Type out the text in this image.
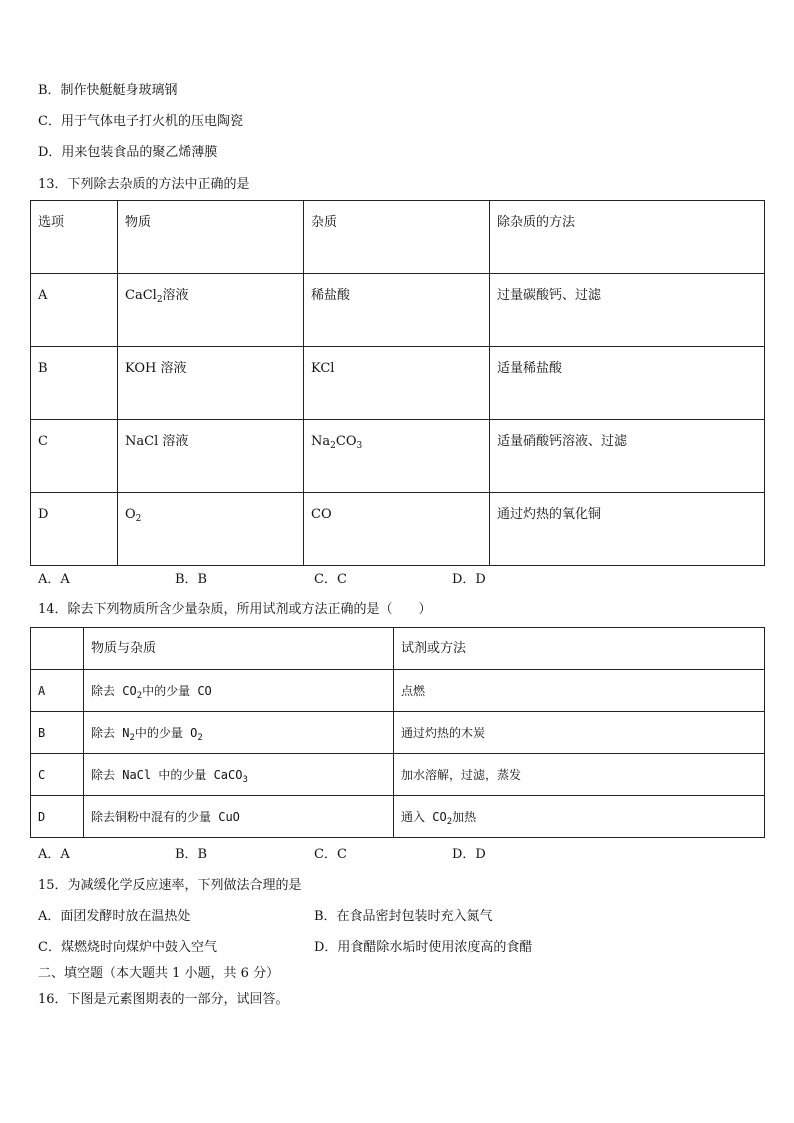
B．制作快艇艇身玻璃钢
C．用于气体电子打火机的压电陶瓷
D．用来包装食品的聚乙烯薄膜
13．下列除去杂质的方法中正确的是
选项	物质	杂质	除杂质的方法

A	CaCl$_2$溶液	稀盐酸	过量碳酸钙、过滤

B	KOH 溶液	KCl	适量稀盐酸

C	NaCl 溶液	$Na_2CO_3$	适量硝酸钙溶液、过滤

D	$O_2$	CO	通过灼热的氧化铜
A．A	B．B	C．C	D．D
14．除去下列物质所含少量杂质，所用试剂或方法正确的是（　　）

	物质与杂质	试剂或方法

A	除去 $CO_2$中的少量 CO	点燃

B	除去 $N_2$中的少量 $O_2$	通过灼热的木炭

C	除去 NaCl 中的少量 CaCO$_3$	加水溶解，过滤，蒸发

D	除去铜粉中混有的少量 CuO	通入 $CO_2$加热
A．A	B．B	C．C	D．D
15．为减缓化学反应速率，下列做法合理的是
A．面团发酵时放在温热处	B．在食品密封包装时充入氮气
C．煤燃烧时向煤炉中鼓入空气	D．用食醋除水垢时使用浓度高的食醋
二、填空题（本大题共 1 小题，共 6 分）
16．下图是元素图期表的一部分，试回答。
